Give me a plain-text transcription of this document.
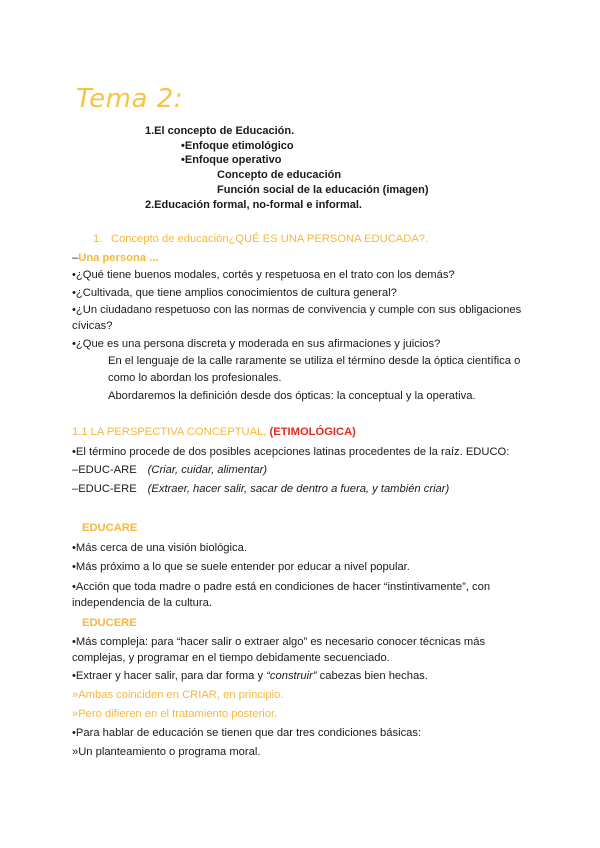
Tema 2:
1.El concepto de Educación.
•Enfoque etimológico
•Enfoque operativo
Concepto de educación
Función social de la educación (imagen)
2.Educación formal, no-formal e informal.
1. Concepto de educación¿QUÉ ES UNA PERSONA EDUCADA?.
–Una persona ...
•¿Qué tiene buenos modales, cortés y respetuosa en el trato con los demás?
•¿Cultivada, que tiene amplios conocimientos de cultura general?
•¿Un ciudadano respetuoso con las normas de convivencia y cumple con sus obligaciones cívicas?
•¿Que es una persona discreta y moderada en sus afirmaciones y juicios?
En el lenguaje de la calle raramente se utiliza el término desde la óptica científica o como lo abordan los profesionales.
Abordaremos la definición desde dos ópticas: la conceptual y la operativa.
1.1 LA PERSPECTIVA CONCEPTUAL, (ETIMOLÓGICA)
•El término procede de dos posibles acepciones latinas procedentes de la raíz. EDUCO:
–EDUC-ARE (Criar, cuidar, alimentar)
–EDUC-ERE (Extraer, hacer salir, sacar de dentro a fuera, y también criar)
EDUCARE
•Más cerca de una visión biológica.
•Más próximo a lo que se suele entender por educar a nivel popular.
•Acción que toda madre o padre está en condiciones de hacer “instintivamente”, con independencia de la cultura.
EDUCERE
•Más compleja: para “hacer salir o extraer algo” es necesario conocer técnicas más complejas, y programar en el tiempo debidamente secuenciado.
•Extraer y hacer salir, para dar forma y “construir” cabezas bien hechas.
»Ambas coinciden en CRIAR, en principio.
»Pero difieren en el tratamiento posterior.
•Para hablar de educación se tienen que dar tres condiciones básicas:
»Un planteamiento o programa moral.
